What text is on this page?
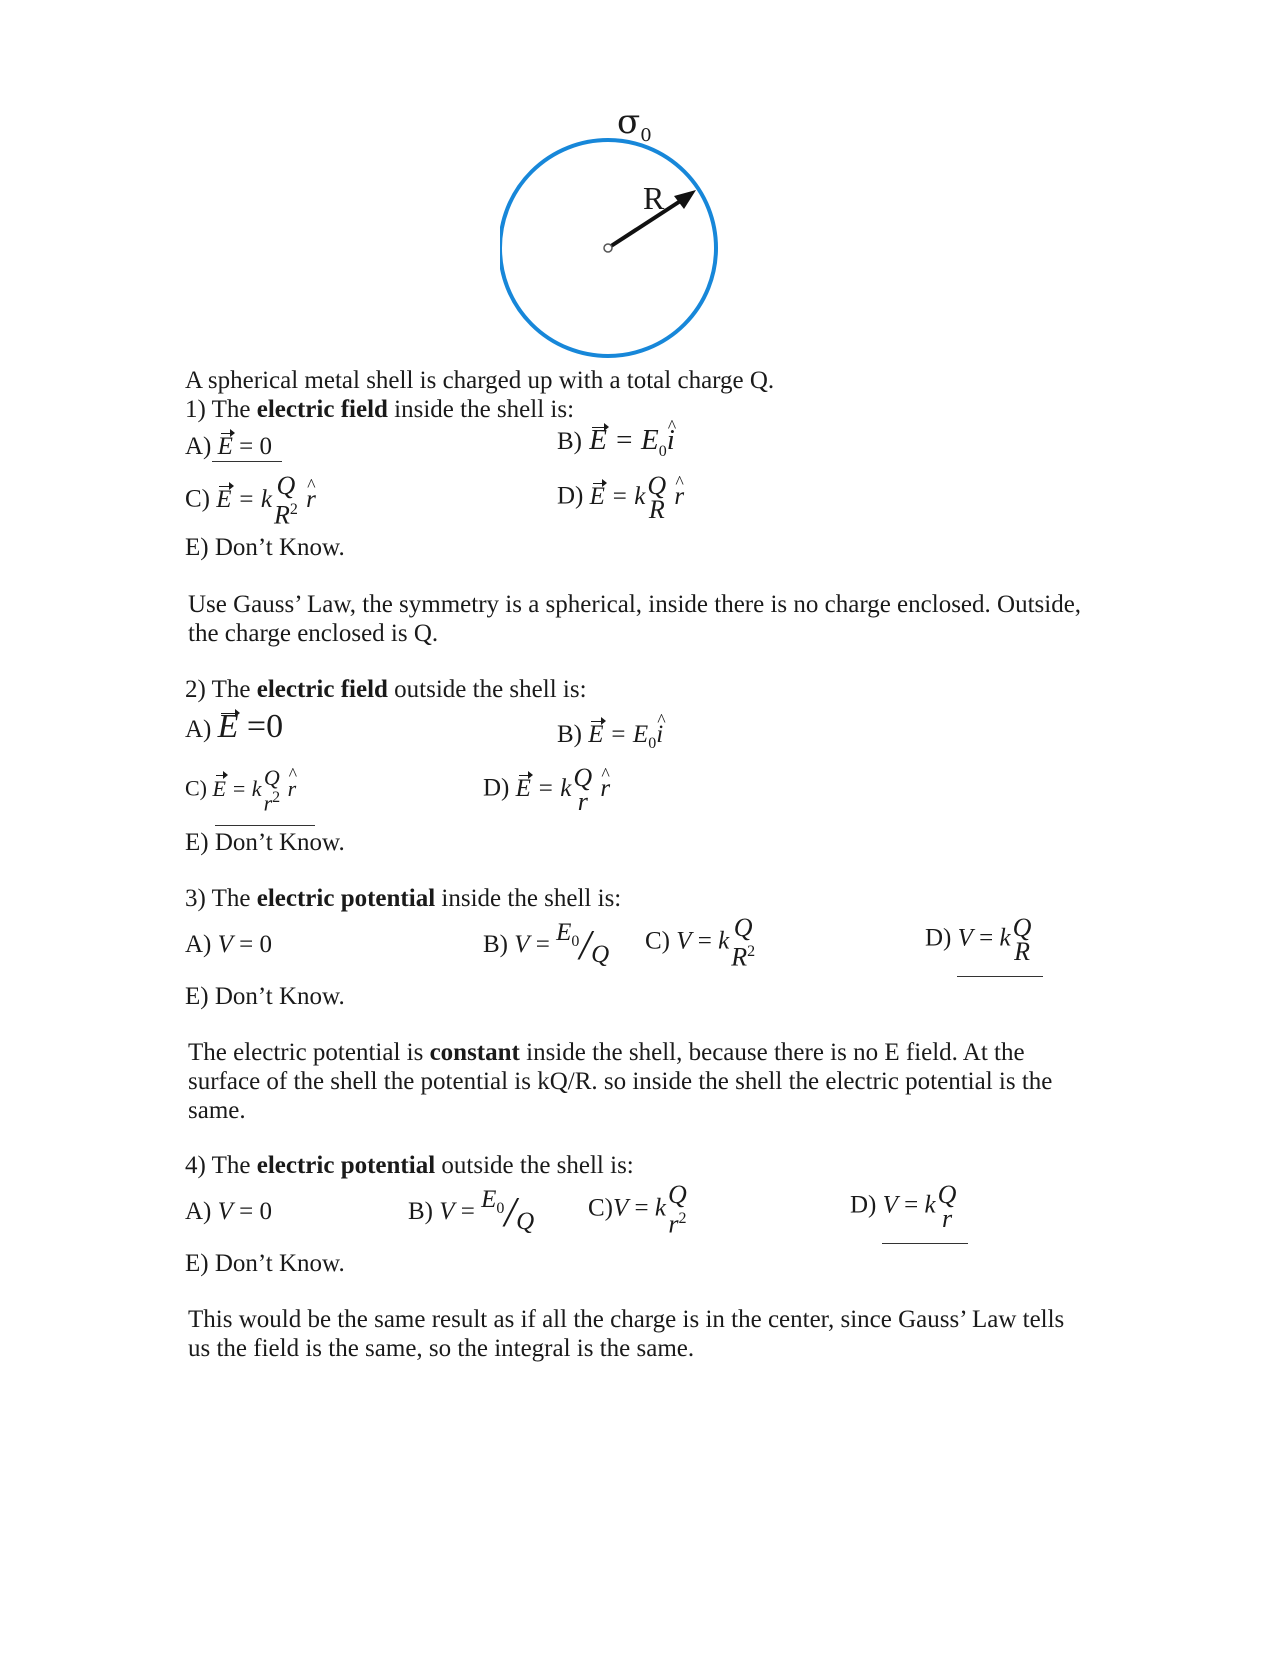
$\sigma_0$
R
A spherical metal shell is charged up with a total charge Q.
1) The electric field inside the shell is:
A) E = 0	B) $E = E_0\^{}$ i
C) E = k Q
$R^2$ ^ r	D) E = k Q
R ^ r
E) Don’t Know.
Use Gauss’ Law, the symmetry is a spherical, inside there is no charge enclosed. Outside, the charge enclosed is Q.
2) The electric field outside the shell is:
A) E =0	B) $E = E_0\^{}$ i
C) E = k Q
$r^2$ ^ r	D) E = k Q
r ^ r
E) Don’t Know.
3) The electric potential inside the shell is:
A) V = 0	B) $V = E_0/Q$ C) V = k Q
$R^2$	D) V = k Q
R
E) Don’t Know.
The electric potential is constant inside the shell, because there is no E field. At the surface of the shell the potential is kQ/R. so inside the shell the electric potential is the same.
4) The electric potential outside the shell is:
A) V = 0	B) $V = E_0/Q$ C)V = k Q
$r^2$	D) V = k Q
r
E) Don’t Know.
This would be the same result as if all the charge is in the center, since Gauss’ Law tells us the field is the same, so the integral is the same.
